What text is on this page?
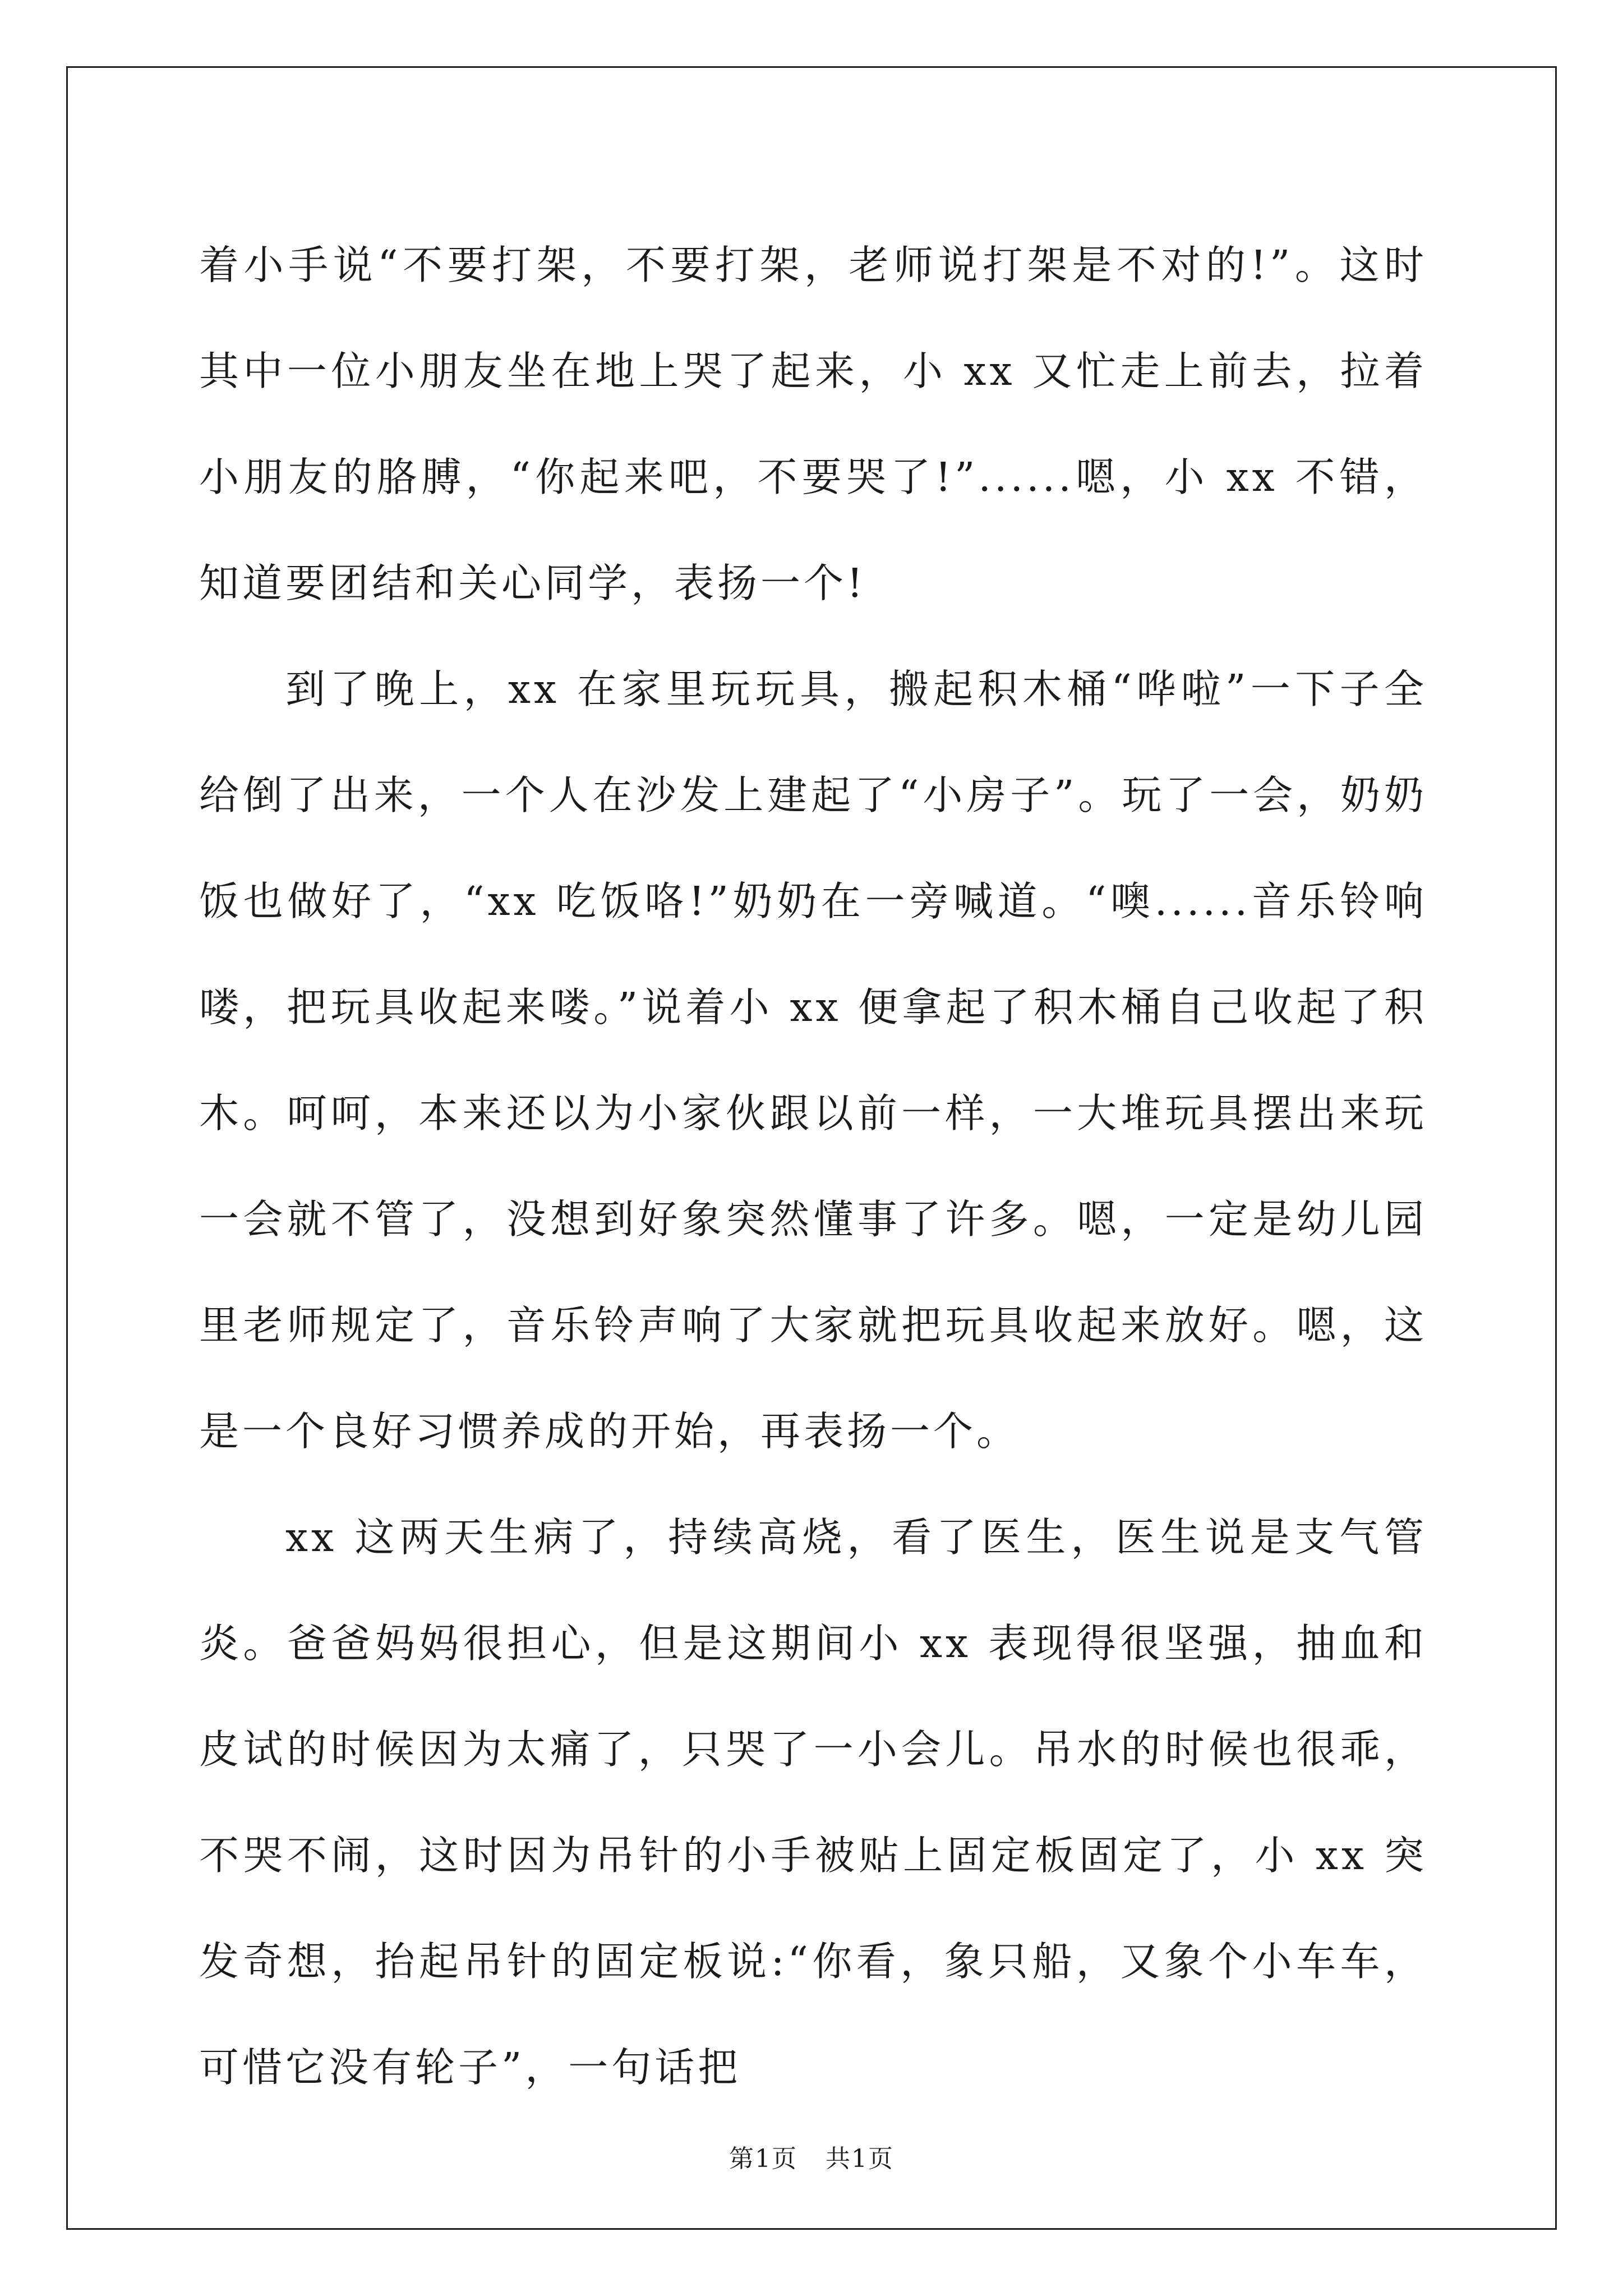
着小手说“不要打架，不要打架，老师说打架是不对的!”。这时其中一位小朋友坐在地上哭了起来，小 xx 又忙走上前去，拉着小朋友的胳膊，“你起来吧，不要哭了!”......嗯，小 xx 不错，知道要团结和关心同学，表扬一个!

到了晚上，xx 在家里玩玩具，搬起积木桶“哗啦”一下子全给倒了出来，一个人在沙发上建起了“小房子”。玩了一会，奶奶饭也做好了，“xx 吃饭咯!”奶奶在一旁喊道。“噢......音乐铃响喽，把玩具收起来喽。”说着小 xx 便拿起了积木桶自己收起了积木。呵呵，本来还以为小家伙跟以前一样，一大堆玩具摆出来玩一会就不管了，没想到好象突然懂事了许多。嗯，一定是幼儿园里老师规定了，音乐铃声响了大家就把玩具收起来放好。嗯，这是一个良好习惯养成的开始，再表扬一个。

xx 这两天生病了，持续高烧，看了医生，医生说是支气管炎。爸爸妈妈很担心，但是这期间小 xx 表现得很坚强，抽血和皮试的时候因为太痛了，只哭了一小会儿。吊水的时候也很乖，不哭不闹，这时因为吊针的小手被贴上固定板固定了，小 xx 突发奇想，抬起吊针的固定板说:“你看，象只船，又象个小车车，可惜它没有轮子”，一句话把

第1页 共1页
